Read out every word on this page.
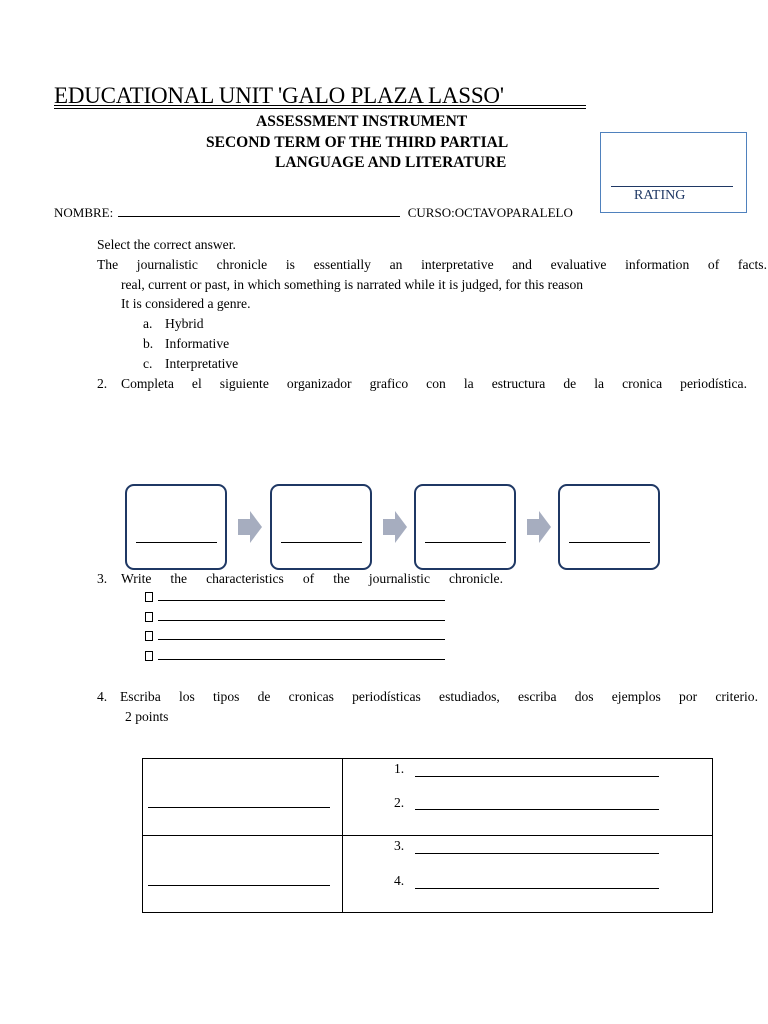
EDUCATIONAL UNIT 'GALO PLAZA LASSO'
ASSESSMENT INSTRUMENT
SECOND TERM OF THE THIRD PARTIAL
LANGUAGE AND LITERATURE
RATING
NOMBRE:	CURSO:OCTAVOPARALELO
Select the correct answer.
The journalistic chronicle is essentially an interpretative and evaluative information of facts.
real, current or past, in which something is narrated while it is judged, for this reason
It is considered a genre.
a. Hybrid
b. Informative
c. Interpretative
2. Completa el siguiente organizador grafico con la estructura de la cronica periodística.
3. Write the characteristics of the journalistic chronicle.
4. Escriba los tipos de cronicas periodísticas estudiados, escriba dos ejemplos por criterio.
2 points
1.
2.
3.
4.
